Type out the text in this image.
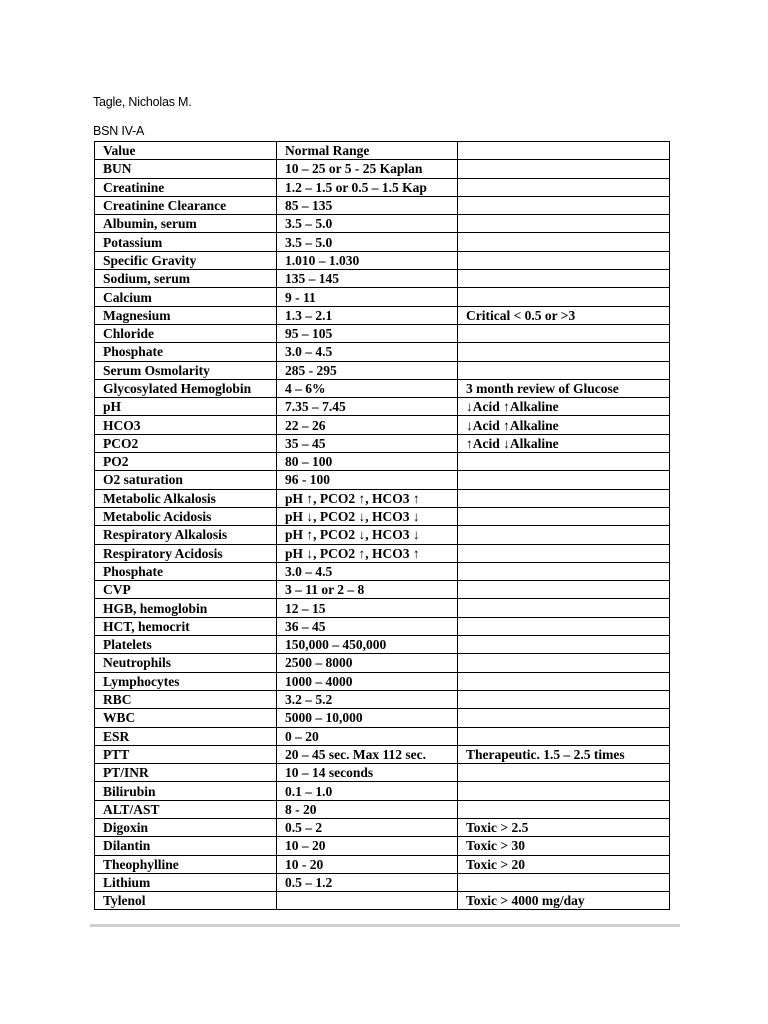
Tagle, Nicholas M.
BSN IV-A
Value	Normal Range	
BUN	10 – 25 or 5 - 25 Kaplan	
Creatinine	1.2 – 1.5 or 0.5 – 1.5 Kap	
Creatinine Clearance	85 – 135	
Albumin, serum	3.5 – 5.0	
Potassium	3.5 – 5.0	
Specific Gravity	1.010 – 1.030	
Sodium, serum	135 – 145	
Calcium	9 - 11	
Magnesium	1.3 – 2.1	Critical < 0.5 or >3
Chloride	95 – 105	
Phosphate	3.0 – 4.5	
Serum Osmolarity	285 - 295	
Glycosylated Hemoglobin	4 – 6%	3 month review of Glucose
pH	7.35 – 7.45	↓Acid ↑Alkaline
HCO3	22 – 26	↓Acid ↑Alkaline
PCO2	35 – 45	↑Acid ↓Alkaline
PO2	80 – 100	
O2 saturation	96 - 100	
Metabolic Alkalosis	pH ↑, PCO2 ↑, HCO3 ↑	
Metabolic Acidosis	pH ↓, PCO2 ↓, HCO3 ↓	
Respiratory Alkalosis	pH ↑, PCO2 ↓, HCO3 ↓	
Respiratory Acidosis	pH ↓, PCO2 ↑, HCO3 ↑	
Phosphate	3.0 – 4.5	
CVP	3 – 11 or 2 – 8	
HGB, hemoglobin	12 – 15	
HCT, hemocrit	36 – 45	
Platelets	150,000 – 450,000	
Neutrophils	2500 – 8000	
Lymphocytes	1000 – 4000	
RBC	3.2 – 5.2	
WBC	5000 – 10,000	
ESR	0 – 20	
PTT	20 – 45 sec. Max 112 sec.	Therapeutic. 1.5 – 2.5 times
PT/INR	10 – 14 seconds	
Bilirubin	0.1 – 1.0	
ALT/AST	8 - 20	
Digoxin	0.5 – 2	Toxic > 2.5
Dilantin	10 – 20	Toxic > 30
Theophylline	10 - 20	Toxic > 20
Lithium	0.5 – 1.2	
Tylenol		Toxic > 4000 mg/day
